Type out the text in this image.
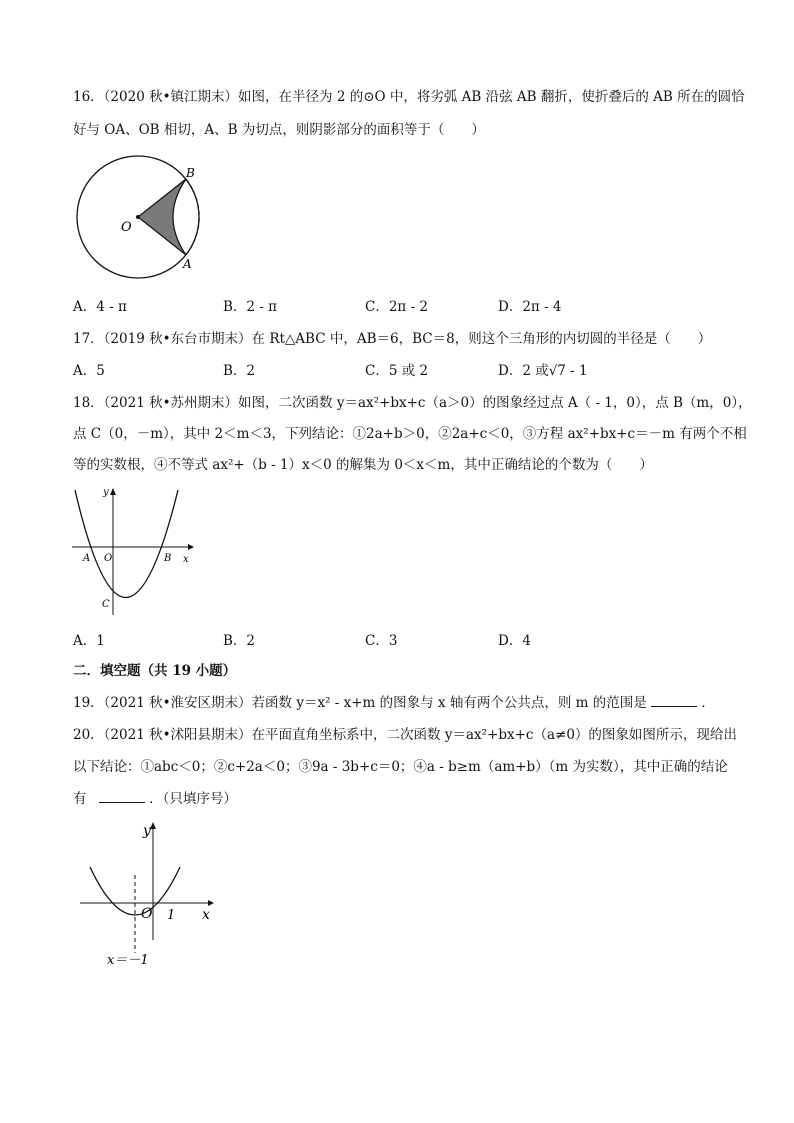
16．（2020 秋•镇江期末）如图，在半径为 2 的⊙O 中，将劣弧 AB 沿弦 AB 翻折，使折叠后的 AB 所在的圆恰
好与 OA、OB 相切，A、B 为切点，则阴影部分的面积等于（　　）
O
B
A
A．4 - π	B．2 - π	C．2π - 2	D．2π - 4
17．（2019 秋•东台市期末）在 Rt△ABC 中，AB＝6，BC＝8，则这个三角形的内切圆的半径是（　　）
A．5	B．2	C．5 或 2	D．2 或√7 - 1
18．（2021 秋•苏州期末）如图，二次函数 y＝ax²+bx+c（a＞0）的图象经过点 A（ - 1，0），点 B（m，0），
点 C（0，－m），其中 2＜m＜3，下列结论：①2a+b＞0，②2a+c＜0，③方程 ax²+bx+c＝－m 有两个不相
等的实数根，④不等式 ax²+（b - 1）x＜0 的解集为 0＜x＜m，其中正确结论的个数为（　　）
y
x
A O	B
C
A．1	B．2	C．3	D．4
二．填空题（共 19 小题）
19．（2021 秋•淮安区期末）若函数 y＝x² - x+m 的图象与 x 轴有两个公共点，则 m 的范围是	．
20．（2021 秋•沭阳县期末）在平面直角坐标系中，二次函数 y＝ax²+bx+c（a≠0）的图象如图所示，现给出
以下结论：①abc＜0；②c+2a＜0；③9a - 3b+c＝0；④a - b≥m（am+b）（m 为实数），其中正确的结论
有	．（只填序号）
y
x
O 1
x＝－1
